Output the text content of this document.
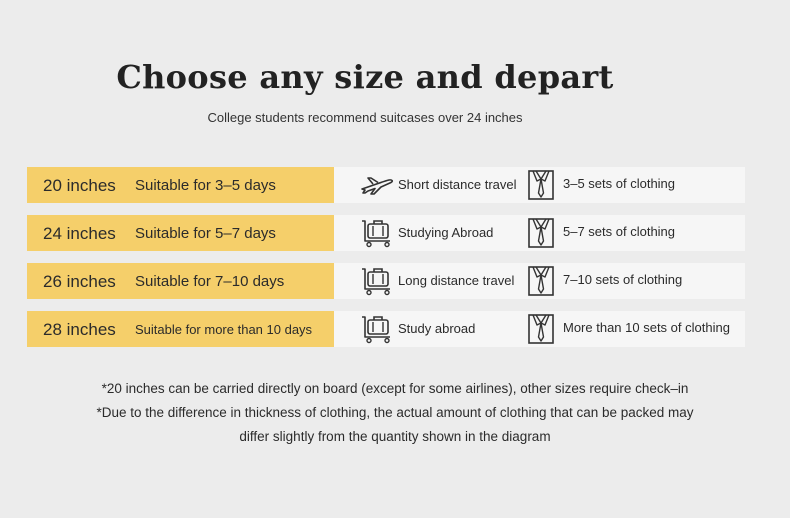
Choose any size and depart
College students recommend suitcases over 24 inches
20 inches Suitable for 3–5 days	Short distance travel	3–5 sets of clothing
24 inches Suitable for 5–7 days	Studying Abroad	5–7 sets of clothing
26 inches Suitable for 7–10 days	Long distance travel	7–10 sets of clothing
28 inches Suitable for more than 10 days	Study abroad	More than 10 sets of clothing
*20 inches can be carried directly on board (except for some airlines), other sizes require check–in
*Due to the difference in thickness of clothing, the actual amount of clothing that can be packed may
differ slightly from the quantity shown in the diagram
